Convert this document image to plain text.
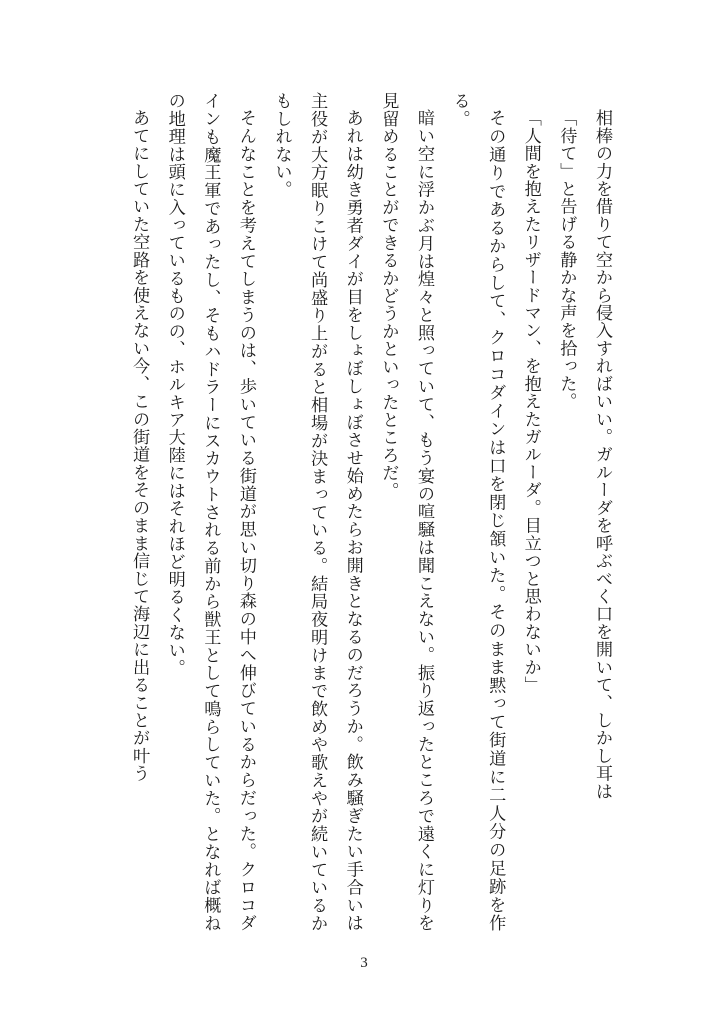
相棒の力を借りて空から侵入すればいい。ガルーダを呼ぶべく口を開いて、しかし耳は

「待て」と告げる静かな声を拾った。

「人間を抱えたリザードマン、を抱えたガルーダ。目立つと思わないか」

その通りであるからして、クロコダインは口を閉じ頷いた。そのまま黙って街道に二人分の足跡を作る。

暗い空に浮かぶ月は煌々と照っていて、もう宴の喧騒は聞こえない。振り返ったところで遠くに灯りを見留めることができるかどうかといったところだ。

あれは幼き勇者ダイが目をしょぼしょぼさせ始めたらお開きとなるのだろうか。飲み騒ぎたい手合いは主役が大方眠りこけて尚盛り上がると相場が決まっている。結局夜明けまで飲めや歌えやが続いているかもしれない。

そんなことを考えてしまうのは、歩いている街道が思い切り森の中へ伸びているからだった。クロコダインも魔王軍であったし、そもハドラーにスカウトされる前から獣王として鳴らしていた。となれば概ねの地理は頭に入っているものの、ホルキア大陸にはそれほど明るくない。

あてにしていた空路を使えない今、この街道をそのまま信じて海辺に出ることが叶う

3
